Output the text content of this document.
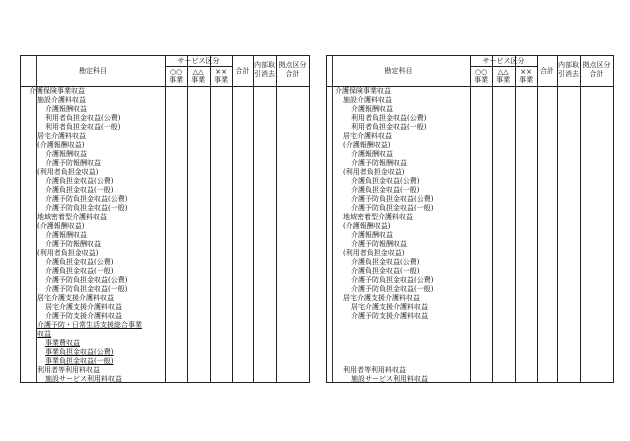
勘定科目
サービス区分
○○
事業
△△
事業
××
事業
合計
内部取
引消去
拠点区分
合計
介護保険事業収益
施設介護料収益
介護報酬収益
利用者負担金収益(公費)
利用者負担金収益(一般)
居宅介護料収益
(介護報酬収益)
介護報酬収益
介護予防報酬収益
(利用者負担金収益)
介護負担金収益(公費)
介護負担金収益(一般)
介護予防負担金収益(公費)
介護予防負担金収益(一般)
地域密着型介護料収益
(介護報酬収益)
介護報酬収益
介護予防報酬収益
(利用者負担金収益)
介護負担金収益(公費)
介護負担金収益(一般)
介護予防負担金収益(公費)
介護予防負担金収益(一般)
居宅介護支援介護料収益
居宅介護支援介護料収益
介護予防支援介護料収益
介護予防・日常生活支援総合事業
収益
事業費収益
事業負担金収益(公費)
事業負担金収益(一般)
利用者等利用料収益
施設サービス利用料収益
勘定科目
サービス区分
○○
事業
△△
事業
××
事業
合計
内部取
引消去
拠点区分
合計
介護保険事業収益
施設介護料収益
介護報酬収益
利用者負担金収益(公費)
利用者負担金収益(一般)
居宅介護料収益
(介護報酬収益)
介護報酬収益
介護予防報酬収益
(利用者負担金収益)
介護負担金収益(公費)
介護負担金収益(一般)
介護予防負担金収益(公費)
介護予防負担金収益(一般)
地域密着型介護料収益
(介護報酬収益)
介護報酬収益
介護予防報酬収益
(利用者負担金収益)
介護負担金収益(公費)
介護負担金収益(一般)
介護予防負担金収益(公費)
介護予防負担金収益(一般)
居宅介護支援介護料収益
居宅介護支援介護料収益
介護予防支援介護料収益
利用者等利用料収益
施設サービス利用料収益
